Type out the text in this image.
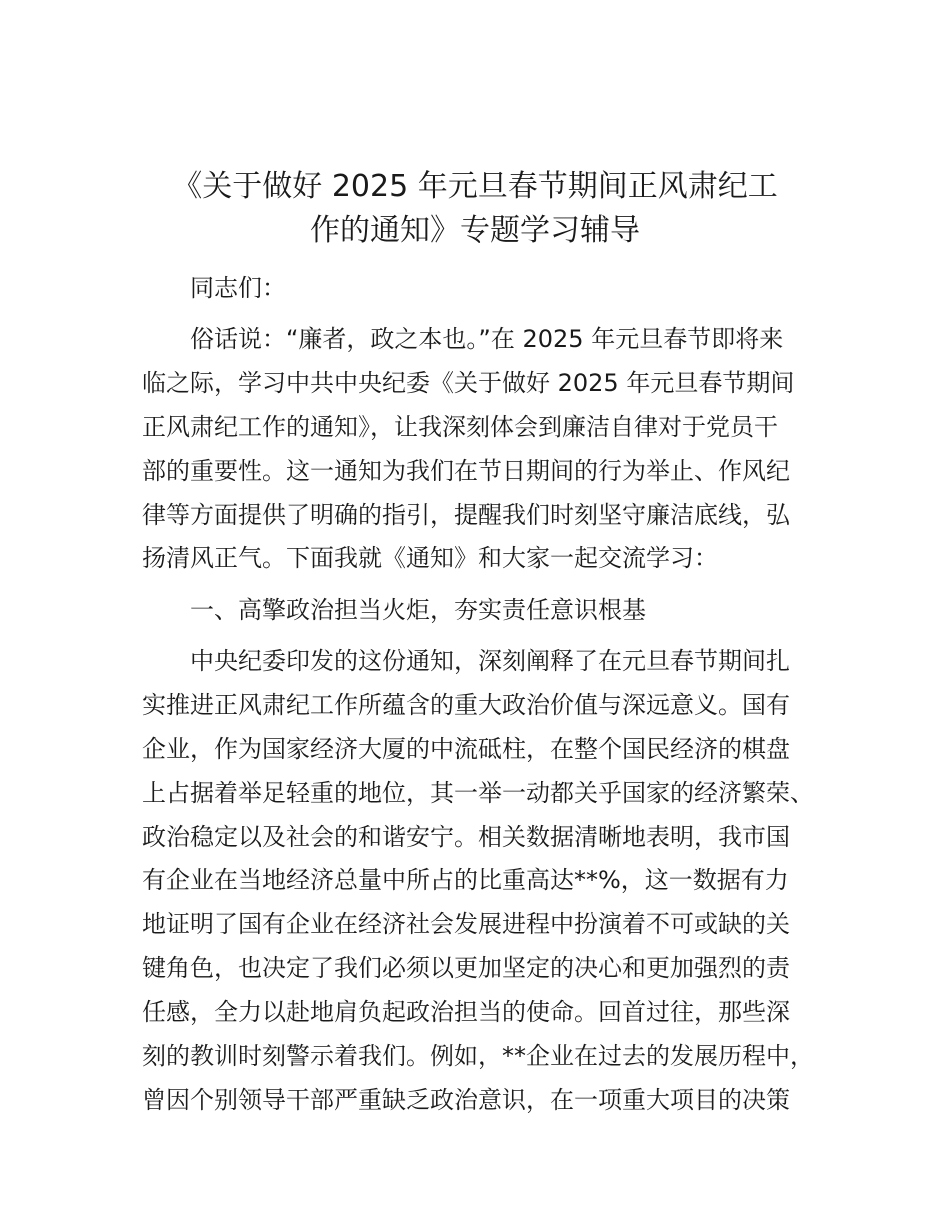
《关于做好 2025 年元旦春节期间正风肃纪工
作的通知》专题学习辅导

同志们：

俗话说：“廉者，政之本也。”在 2025 年元旦春节即将来

临之际，学习中共中央纪委《关于做好 2025 年元旦春节期间

正风肃纪工作的通知》，让我深刻体会到廉洁自律对于党员干

部的重要性。这一通知为我们在节日期间的行为举止、作风纪

律等方面提供了明确的指引，提醒我们时刻坚守廉洁底线，弘

扬清风正气。下面我就《通知》和大家一起交流学习：

一、高擎政治担当火炬，夯实责任意识根基

中央纪委印发的这份通知，深刻阐释了在元旦春节期间扎

实推进正风肃纪工作所蕴含的重大政治价值与深远意义。国有

企业，作为国家经济大厦的中流砥柱，在整个国民经济的棋盘

上占据着举足轻重的地位，其一举一动都关乎国家的经济繁荣、

政治稳定以及社会的和谐安宁。相关数据清晰地表明，我市国

有企业在当地经济总量中所占的比重高达**%，这一数据有力

地证明了国有企业在经济社会发展进程中扮演着不可或缺的关

键角色，也决定了我们必须以更加坚定的决心和更加强烈的责

任感，全力以赴地肩负起政治担当的使命。回首过往，那些深

刻的教训时刻警示着我们。例如，**企业在过去的发展历程中，

曾因个别领导干部严重缺乏政治意识，在一项重大项目的决策
